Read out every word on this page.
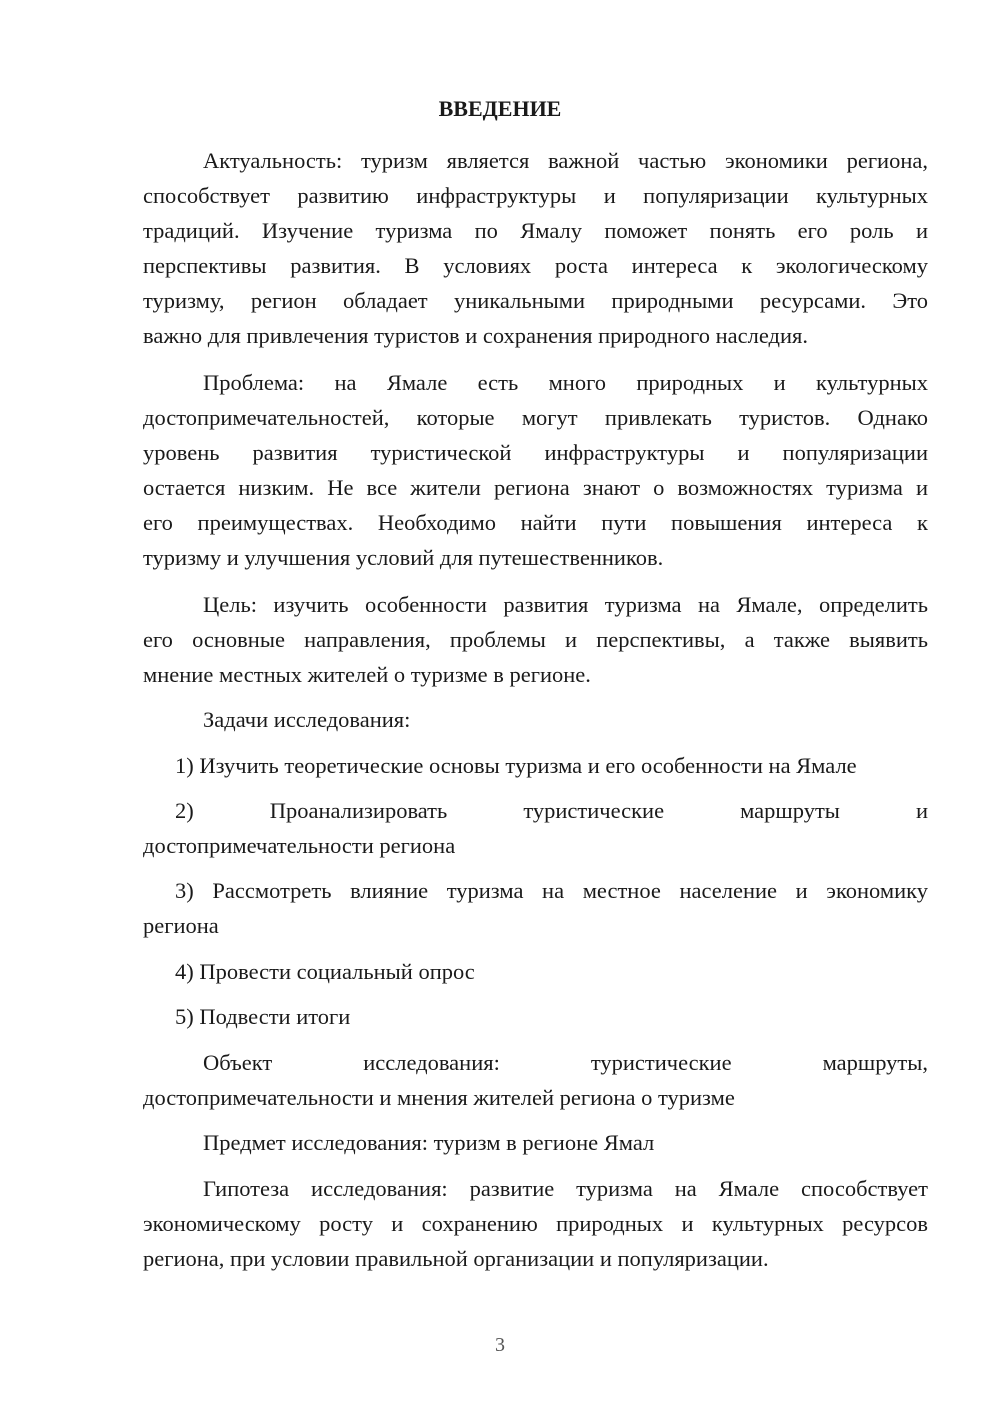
ВВЕДЕНИЕ
Актуальность: туризм является важной частью экономики региона,
способствует развитию инфраструктуры и популяризации культурных
традиций. Изучение туризма по Ямалу поможет понять его роль и
перспективы развития. В условиях роста интереса к экологическому
туризму, регион обладает уникальными природными ресурсами. Это
важно для привлечения туристов и сохранения природного наследия.
Проблема: на Ямале есть много природных и культурных
достопримечательностей, которые могут привлекать туристов. Однако
уровень развития туристической инфраструктуры и популяризации
остается низким. Не все жители региона знают о возможностях туризма и
его преимуществах. Необходимо найти пути повышения интереса к
туризму и улучшения условий для путешественников.
Цель: изучить особенности развития туризма на Ямале, определить
его основные направления, проблемы и перспективы, а также выявить
мнение местных жителей о туризме в регионе.
Задачи исследования:
1) Изучить теоретические основы туризма и его особенности на Ямале
2) Проанализировать туристические маршруты и
достопримечательности региона
3) Рассмотреть влияние туризма на местное население и экономику
региона
4) Провести социальный опрос
5) Подвести итоги
Объект исследования: туристические маршруты,
достопримечательности и мнения жителей региона о туризме
Предмет исследования: туризм в регионе Ямал
Гипотеза исследования: развитие туризма на Ямале способствует
экономическому росту и сохранению природных и культурных ресурсов
региона, при условии правильной организации и популяризации.
3
